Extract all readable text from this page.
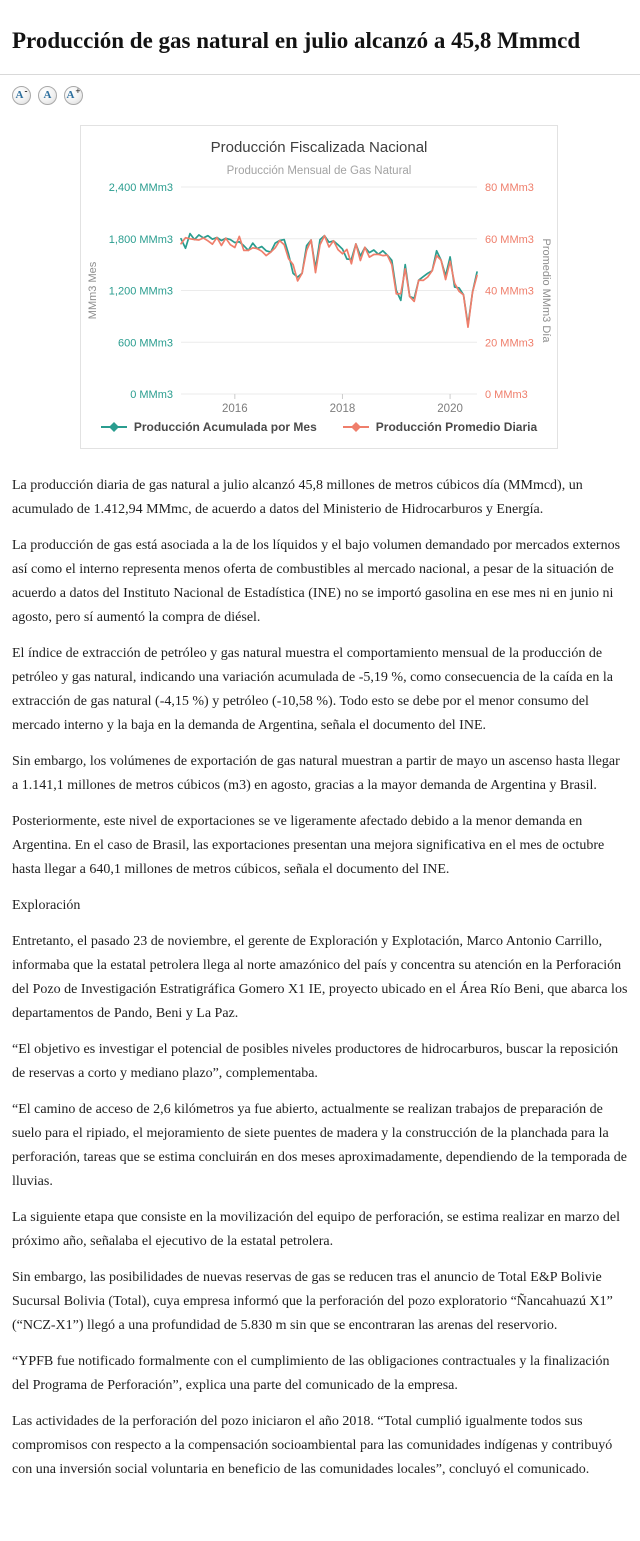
Producción de gas natural en julio alcanzó a 45,8 Mmmcd
A - A A +
Producción Fiscalizada Nacional
Producción Mensual de Gas Natural
0 MMm3	0 MMm3
600 MMm3	20 MMm3
1,200 MMm3	40 MMm3
1,800 MMm3	60 MMm3
2,400 MMm3	80 MMm3
2016	2018	2020
MMm3 Mes	Promedio MMm3 Día
Producción Acumulada por Mes	Producción Promedio Diaria

La producción diaria de gas natural a julio alcanzó 45,8 millones de metros cúbicos día (MMmcd), un acumulado de 1.412,94 MMmc, de acuerdo a datos del Ministerio de Hidrocarburos y Energía.

La producción de gas está asociada a la de los líquidos y el bajo volumen demandado por mercados externos así como el interno representa menos oferta de combustibles al mercado nacional, a pesar de la situación de acuerdo a datos del Instituto Nacional de Estadística (INE) no se importó gasolina en ese mes ni en junio ni agosto, pero sí aumentó la compra de diésel.

El índice de extracción de petróleo y gas natural muestra el comportamiento mensual de la producción de petróleo y gas natural, indicando una variación acumulada de -5,19 %, como consecuencia de la caída en la extracción de gas natural (-4,15 %) y petróleo (-10,58 %). Todo esto se debe por el menor consumo del mercado interno y la baja en la demanda de Argentina, señala el documento del INE.

Sin embargo, los volúmenes de exportación de gas natural muestran a partir de mayo un ascenso hasta llegar a 1.141,1 millones de metros cúbicos (m3) en agosto, gracias a la mayor demanda de Argentina y Brasil.

Posteriormente, este nivel de exportaciones se ve ligeramente afectado debido a la menor demanda en Argentina. En el caso de Brasil, las exportaciones presentan una mejora significativa en el mes de octubre hasta llegar a 640,1 millones de metros cúbicos, señala el documento del INE.

Exploración

Entretanto, el pasado 23 de noviembre, el gerente de Exploración y Explotación, Marco Antonio Carrillo, informaba que la estatal petrolera llega al norte amazónico del país y concentra su atención en la Perforación del Pozo de Investigación Estratigráfica Gomero X1 IE, proyecto ubicado en el Área Río Beni, que abarca los departamentos de Pando, Beni y La Paz.

“El objetivo es investigar el potencial de posibles niveles productores de hidrocarburos, buscar la reposición de reservas a corto y mediano plazo”, complementaba.

“El camino de acceso de 2,6 kilómetros ya fue abierto, actualmente se realizan trabajos de preparación de suelo para el ripiado, el mejoramiento de siete puentes de madera y la construcción de la planchada para la perforación, tareas que se estima concluirán en dos meses aproximadamente, dependiendo de la temporada de lluvias.

La siguiente etapa que consiste en la movilización del equipo de perforación, se estima realizar en marzo del próximo año, señalaba el ejecutivo de la estatal petrolera.

Sin embargo, las posibilidades de nuevas reservas de gas se reducen tras el anuncio de Total E&P Bolivie Sucursal Bolivia (Total), cuya empresa informó que la perforación del pozo exploratorio “Ñancahuazú X1” (“NCZ-X1”) llegó a una profundidad de 5.830 m sin que se encontraran las arenas del reservorio.

“YPFB fue notificado formalmente con el cumplimiento de las obligaciones contractuales y la finalización del Programa de Perforación”, explica una parte del comunicado de la empresa.

Las actividades de la perforación del pozo iniciaron el año 2018. “Total cumplió igualmente todos sus compromisos con respecto a la compensación socioambiental para las comunidades indígenas y contribuyó con una inversión social voluntaria en beneficio de las comunidades locales”, concluyó el comunicado.
